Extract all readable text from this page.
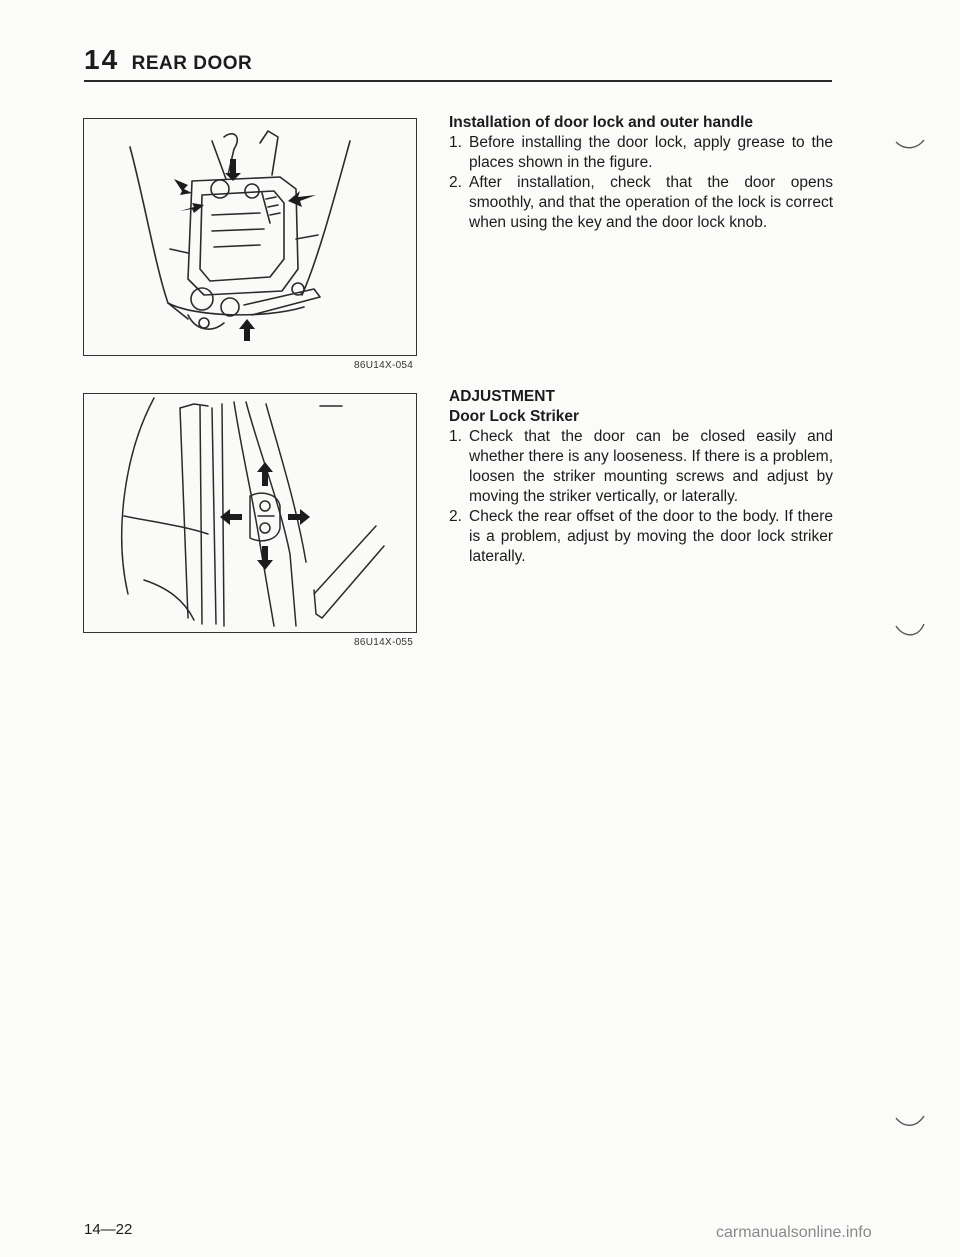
14 REAR DOOR
86U14X-054
86U14X-055
Installation of door lock and outer handle
1. Before installing the door lock, apply grease to the places shown in the figure.
2. After installation, check that the door opens smoothly, and that the operation of the lock is correct when using the key and the door lock knob.
ADJUSTMENT
Door Lock Striker
1. Check that the door can be closed easily and whether there is any looseness. If there is a problem, loosen the striker mounting screws and adjust by moving the striker vertically, or laterally.
2. Check the rear offset of the door to the body. If there is a problem, adjust by moving the door lock striker laterally.
14—22	carmanualsonline.info
